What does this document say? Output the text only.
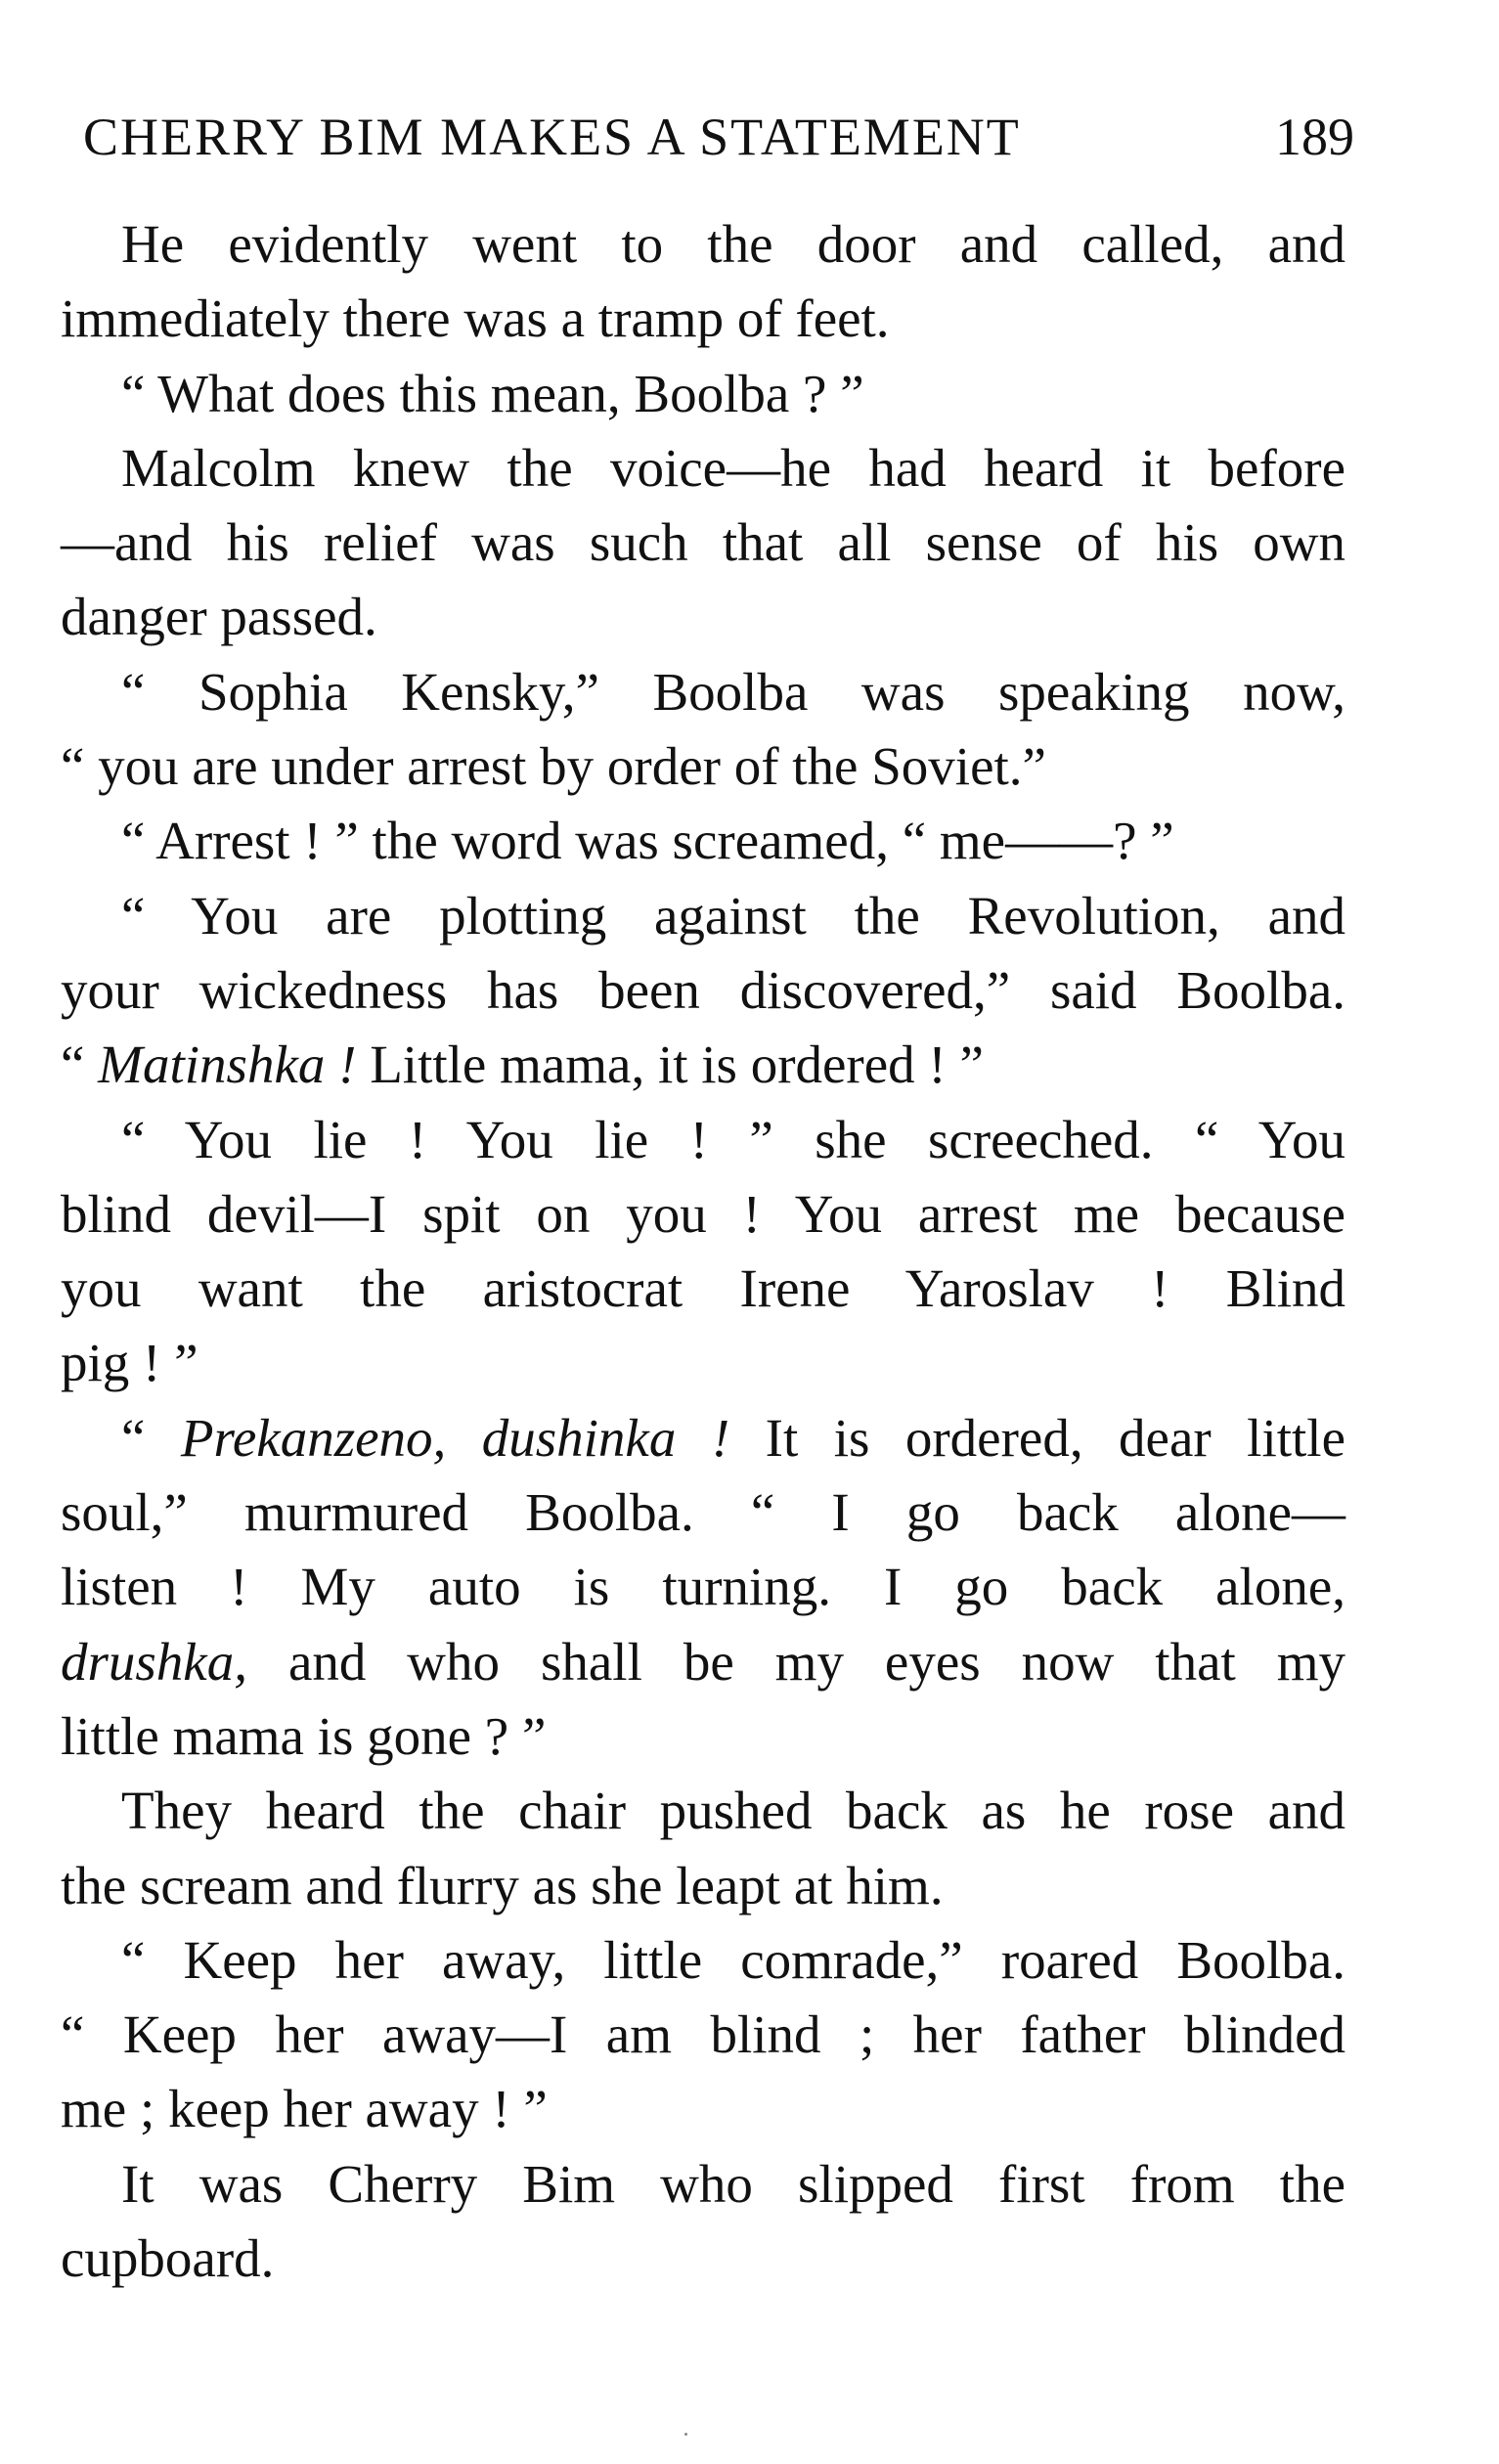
CHERRY BIM MAKES A STATEMENT	189
He evidently went to the door and called, and
immediately there was a tramp of feet.
“ What does this mean, Boolba ? ”
Malcolm knew the voice—he had heard it before
—and his relief was such that all sense of his own
danger passed.
“ Sophia Kensky,” Boolba was speaking now,
“ you are under arrest by order of the Soviet.”
“ Arrest ! ” the word was screamed, “ me——? ”
“ You are plotting against the Revolution, and
your wickedness has been discovered,” said Boolba.
“ Matinshka ! Little mama, it is ordered ! ”
“ You lie ! You lie ! ” she screeched. “ You
blind devil—I spit on you ! You arrest me because
you want the aristocrat Irene Yaroslav ! Blind
pig ! ”
“ Prekanzeno, dushinka ! It is ordered, dear little
soul,” murmured Boolba. “ I go back alone—
listen ! My auto is turning. I go back alone,
drushka, and who shall be my eyes now that my
little mama is gone ? ”
They heard the chair pushed back as he rose and
the scream and flurry as she leapt at him.
“ Keep her away, little comrade,” roared Boolba.
“ Keep her away—I am blind ; her father blinded
me ; keep her away ! ”
It was Cherry Bim who slipped first from the
cupboard.
